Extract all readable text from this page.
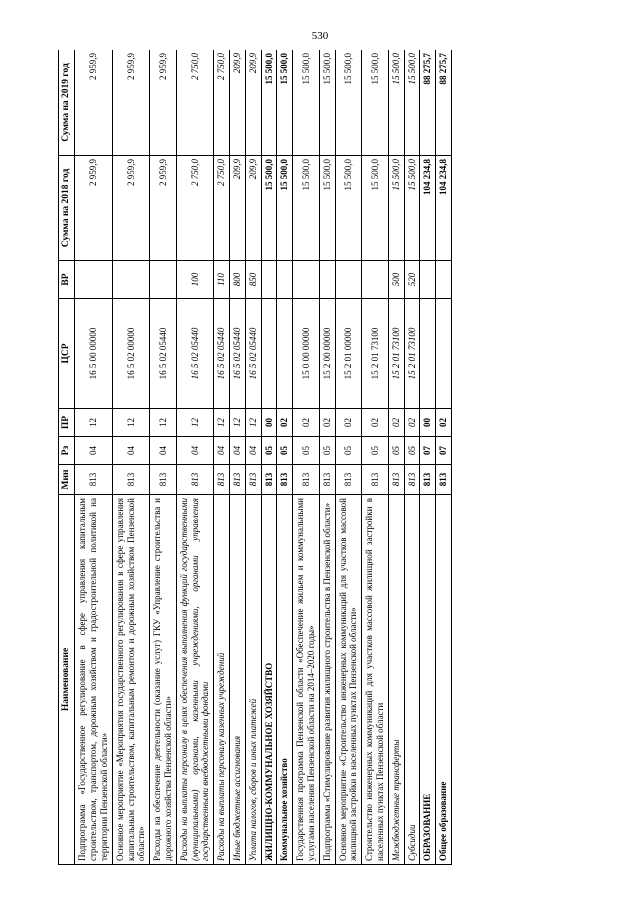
530
Наименование	Мин	Рз	ПР	ЦСР	ВР	Сумма на 2018 год	Сумма на 2019 год
Подпрограмма «Государственное регулирование в сфере управления капитальным строительством, транспортом, дорожным хозяйством и градостроительной политикой на территории Пензенской области»	813	04	12	16 5 00 00000		2 959,9	2 959,9
Основное мероприятие «Мероприятия государственного регулирования в сфере управления капитальным строительством, капитальным ремонтом и дорожным хозяйством Пензенской области»	813	04	12	16 5 02 00000		2 959,9	2 959,9
Расходы на обеспечение деятельности (оказание услуг) ГКУ «Управление строительства и дорожного хозяйства Пензенской области»	813	04	12	16 5 02 05440		2 959,9	2 959,9
Расходы на выплаты персоналу в целях обеспечения выполнения функций государственными (муниципальными) органами, казенными учреждениями, органами управления государственными внебюджетными фондами	813	04	12	16 5 02 05440	100	2 750,0	2 750,0
Расходы на выплаты персоналу казенных учреждений	813	04	12	16 5 02 05440	110	2 750,0	2 750,0
Иные бюджетные ассигнования	813	04	12	16 5 02 05440	800	209,9	209,9
Уплата налогов, сборов и иных платежей	813	04	12	16 5 02 05440	850	209,9	209,9
ЖИЛИЩНО-КОММУНАЛЬНОЕ ХОЗЯЙСТВО	813	05	00			15 500,0	15 500,0
Коммунальное хозяйство	813	05	02			15 500,0	15 500,0
Государственная программа Пензенской области «Обеспечение жильем и коммунальными услугами населения Пензенской области на 2014–2020 годы»	813	05	02	15 0 00 00000		15 500,0	15 500,0
Подпрограмма «Стимулирование развития жилищного строительства в Пензенской области»	813	05	02	15 2 00 00000		15 500,0	15 500,0
Основное мероприятие «Строительство инженерных коммуникаций для участков массовой жилищной застройки в населенных пунктах Пензенской области»	813	05	02	15 2 01 00000		15 500,0	15 500,0
Строительство инженерных коммуникаций для участков массовой жилищной застройки в населенных пунктах Пензенской области	813	05	02	15 2 01 73100		15 500,0	15 500,0
Межбюджетные трансферты	813	05	02	15 2 01 73100	500	15 500,0	15 500,0
Субсидии	813	05	02	15 2 01 73100	520	15 500,0	15 500,0
ОБРАЗОВАНИЕ	813	07	00			104 234,8	88 275,7
Общее образование	813	07	02			104 234,8	88 275,7
